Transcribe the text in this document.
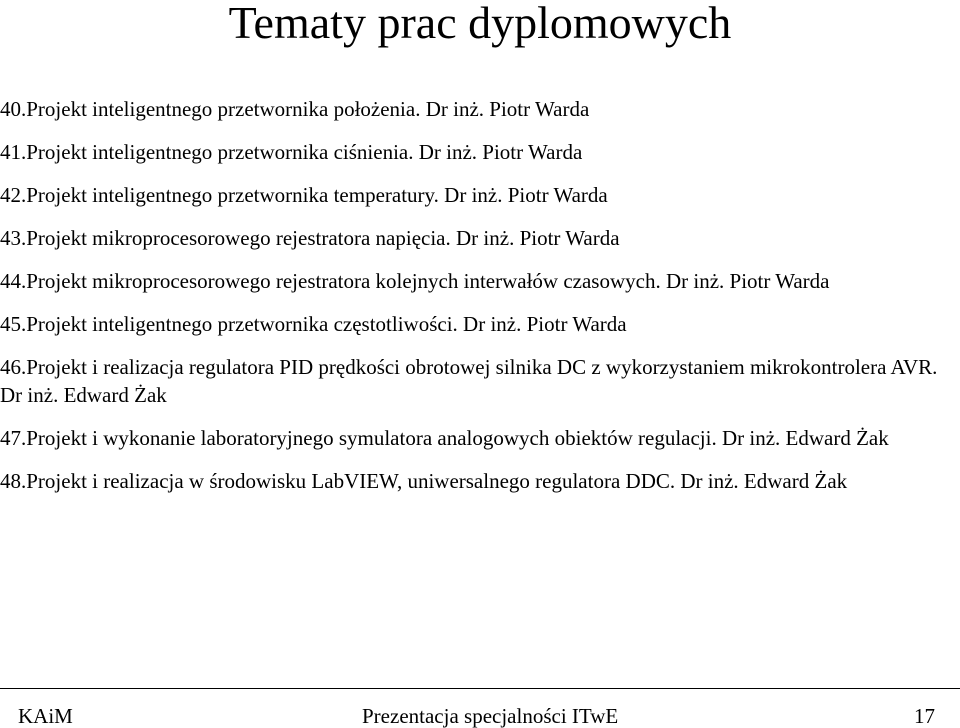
Tematy prac dyplomowych

40.Projekt inteligentnego przetwornika położenia. Dr inż. Piotr Warda

41.Projekt inteligentnego przetwornika ciśnienia. Dr inż. Piotr Warda

42.Projekt inteligentnego przetwornika temperatury. Dr inż. Piotr Warda

43.Projekt mikroprocesorowego rejestratora napięcia. Dr inż. Piotr Warda

44.Projekt mikroprocesorowego rejestratora kolejnych interwałów czasowych. Dr inż. Piotr Warda

45.Projekt inteligentnego przetwornika częstotliwości. Dr inż. Piotr Warda

46.Projekt i realizacja regulatora PID prędkości obrotowej silnika DC z wykorzystaniem mikrokontrolera AVR. Dr inż. Edward Żak

47.Projekt i wykonanie laboratoryjnego symulatora analogowych obiektów regulacji. Dr inż. Edward Żak

48.Projekt i realizacja w środowisku LabVIEW, uniwersalnego regulatora DDC. Dr inż. Edward Żak

KAiM	Prezentacja specjalności ITwE	17
